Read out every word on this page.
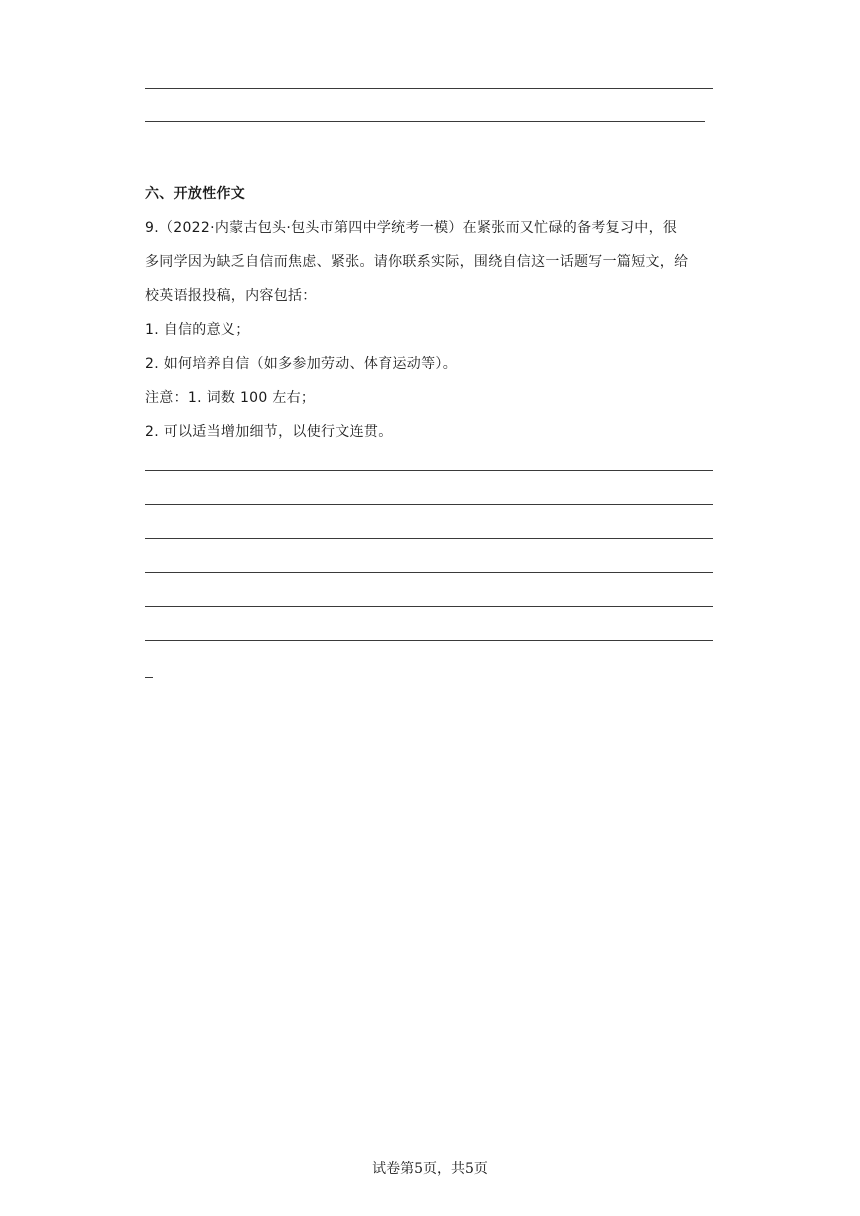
六、开放性作文
9.（2022·内蒙古包头·包头市第四中学统考一模）在紧张而又忙碌的备考复习中，很
多同学因为缺乏自信而焦虑、紧张。请你联系实际，围绕自信这一话题写一篇短文，给
校英语报投稿，内容包括：
1. 自信的意义；
2. 如何培养自信（如多参加劳动、体育运动等）。
注意：1. 词数 100 左右；
2. 可以适当增加细节，以使行文连贯。
试卷第5页，共5页
